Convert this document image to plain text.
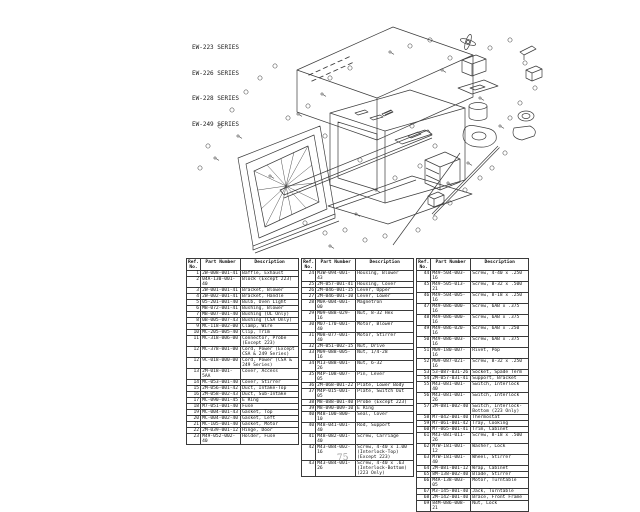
EW-223 SERIES

EW-226 SERIES

EW-228 SERIES

EW-249 SERIES

Ref. No.	Part Number	Description
1	2W-008-001-41	Baffle, Exhaust
2	04A-130-001-40	Block (Except 223)
3	2W-001-001-41	Bracket, Blower
4	2W-002-001-41	Bracket, Handle
5	05-201-001-40	Bulb, Oven Light
6	MB-072-001-41	Bushing, Blower
7	MB-007-001-40	Bushing (UL Only)
8	0B-005-007-43	Bushing (CSA Only)
9	MC-118-002-00	Clamp, Wire
10	MC-205-005-40	Clip, Trim
11	MC-318-006-00	Connector, Probe (Except 223)
12	MC-378-001-00	Cord, Power (Except CSA & 249 Series)
12	9C-018-000-00	Cord, Power (CSA & 249 Series)
13	2M-018-001-5AA	Cover, Access
14	MC-053-001-40	Cover, Stirrer
15	2M-056-001-42	Duct, Intake-Top
16	2M-058-002-43	Duct, Sub-Intake
17	MC-090-001-45	E Ring
18	M7-051-001-40	Fuse
19	MC-004-001-43	Gasket, Top
20	MC-004-002-40	Gasket, Left
21	MC-105-001-40	Gasket, Motor
22	2M-039-001-12	Hinge, Door
23	M49-052-002-40	Holder, Fuse
Ref. No.	Part Number	Description
24	M3W-094-001-43	Housing, Blower
25	2M-057-001-41	Housing, Cover
26	2M-046-001-15	Lever, Upper
27	2M-046-001-10	Lever, Lower
28	M0A-004-001-00	Magnetron
29	M09-088-029-16	Nut, 8-32 Hex
30	M07-170-001-40	Motor, Blower
31	M08-077-001-40	Motor, Stirrer
32	2M-051-002-15	Nut, Drive
33	M09-088-005-16	Nut, 1/4-28
34	M13-088-001-26	Nut, 6-32
35	M4P-108-007-05	Pin, Lever
36	2M-068-001-22	Plate, Lower Body
37	M4P-015-001-05	Plate, Switch Out
38	M8-088-001-40	Probe (Except 223)
39	M8-090-009-10	E Ring
40	M48-100-800-10	Seal, Cover
40	M48-041-001-40	Rod, Support
41	M48-082-001-40	Screw, Carriage
42	M43-084-002-16	Screw, 4-40 x 1.00 (Interlock-Top) (Except 223)
43	M43-084-001-26	Screw, 4-40 x .63 (Interlock-Bottom) (223 Only)
Ref. No.	Part Number	Description
44	M49-504-003-16	Screw, 4-40 x .250
45	M49-505-013-21	Screw, 8-32 x .500
46	M49-504-005-16	Screw, 8-18 x .250
47	M49-086-000-16	Screw, 6AB x .375
48	M49-086-000-16	Screw, 6AB x .375
49	M49-086-020-16	Screw, 6AB x .250
50	M49-086-003-16	Screw, 6AB x .375
51	M09-180-007-16	Rivet, Pop
52	M09-087-021-16	Screw, 8-32 x .250
53	53-087-031-26	Socket, Spade Term
54	2M-057-031-41	Support, Bracket
55	M43-081-001-40	Switch, Interlock
56	M43-081-001-26	Switch, Interlock
57	2M-081-002-40	Switch, Interlock-Bottom (223 Only)
58	M7-042-001-40	Thermostat
59	M7-061-001-42	Tray, Cooking
60	M7-065-001-41	Trim, Cabinet
61	M43-081-011-26	Screw, 8-18 x .500
62	M7W-181-001-12	Washer, Lock
63	M7W-181-001-40	Wheel, Stirrer
64	2M-081-001-12	Wrap, Cabinet
65	8M-138-002-40	Blade, Stirrer
66	M4A-138-003-05	Motor, Turntable
67	M3-145-801-40	Jack, Turntable
68	2M-142-001-40	Brace, Front Frame
69	84M-086-008-21	Nut, Lock
75
